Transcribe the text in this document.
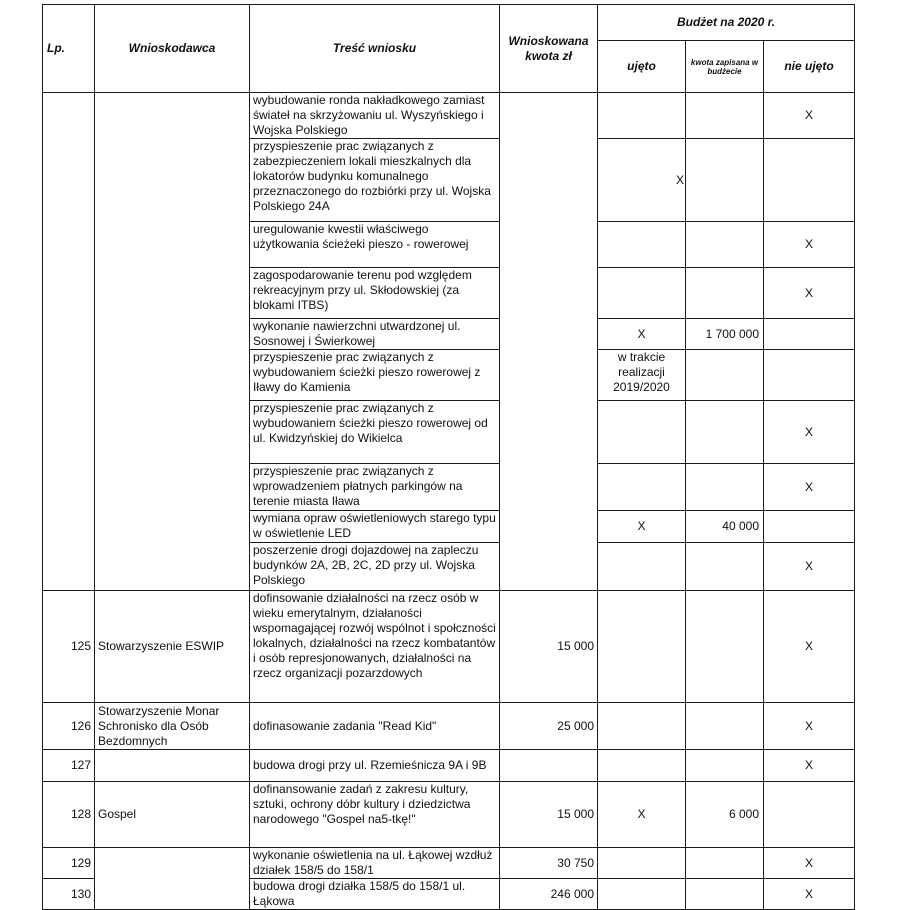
Lp.	Wnioskodawca	Treść wniosku	Wnioskowana kwota zł	Budżet na 2020 r.		
				ujęto	kwota zapisana w budżecie	nie ujęto
		wybudowanie ronda nakładkowego zamiast świateł na skrzyżowaniu ul. Wyszyńskiego i Wojska Polskiego				X
		przyspieszenie prac związanych z zabezpieczeniem lokali mieszkalnych dla lokatorów budynku komunalnego przeznaczonego do rozbiórki przy ul. Wojska Polskiego 24A		X		
		uregulowanie kwestii właściwego użytkowania ścieżeki pieszo - rowerowej				X
		zagospodarowanie terenu pod względem rekreacyjnym przy ul. Skłodowskiej (za blokami ITBS)				X
		wykonanie nawierzchni utwardzonej ul. Sosnowej i Świerkowej		X	1 700 000	
		przyspieszenie prac związanych z wybudowaniem ścieżki pieszo rowerowej z Iławy do Kamienia		w trakcie realizacji 2019/2020		
		przyspieszenie prac związanych z wybudowaniem ścieżki pieszo rowerowej od ul. Kwidzyńskiej do Wikielca				X
		przyspieszenie prac związanych z wprowadzeniem płatnych parkingów na terenie miasta Iława				X
		wymiana opraw oświetleniowych starego typu w oświetlenie LED		X	40 000	
		poszerzenie drogi dojazdowej na zapleczu budynków 2A, 2B, 2C, 2D przy ul. Wojska Polskiego				X
125	Stowarzyszenie ESWIP	dofinsowanie działalności na rzecz osób w wieku emerytalnym, działaności wspomagającej rozwój wspólnot i społczności lokalnych, działalności na rzecz kombatantów i osób represjonowanych, działalności na rzecz organizacji pozarzdowych	15 000			X
126	Stowarzyszenie Monar Schronisko dla Osób Bezdomnych	dofinasowanie zadania "Read Kid"	25 000			X
127		budowa drogi przy ul. Rzemieśnicza 9A i 9B				X
128	Gospel	dofinansowanie zadań z zakresu kultury, sztuki, ochrony dóbr kultury i dziedzictwa narodowego "Gospel na5-tkę!"	15 000	X	6 000	
129		wykonanie oświetlenia na ul. Łąkowej wzdłuż działek 158/5 do 158/1	30 750			X
130		budowa drogi działka 158/5 do 158/1 ul. Łąkowa	246 000			X
